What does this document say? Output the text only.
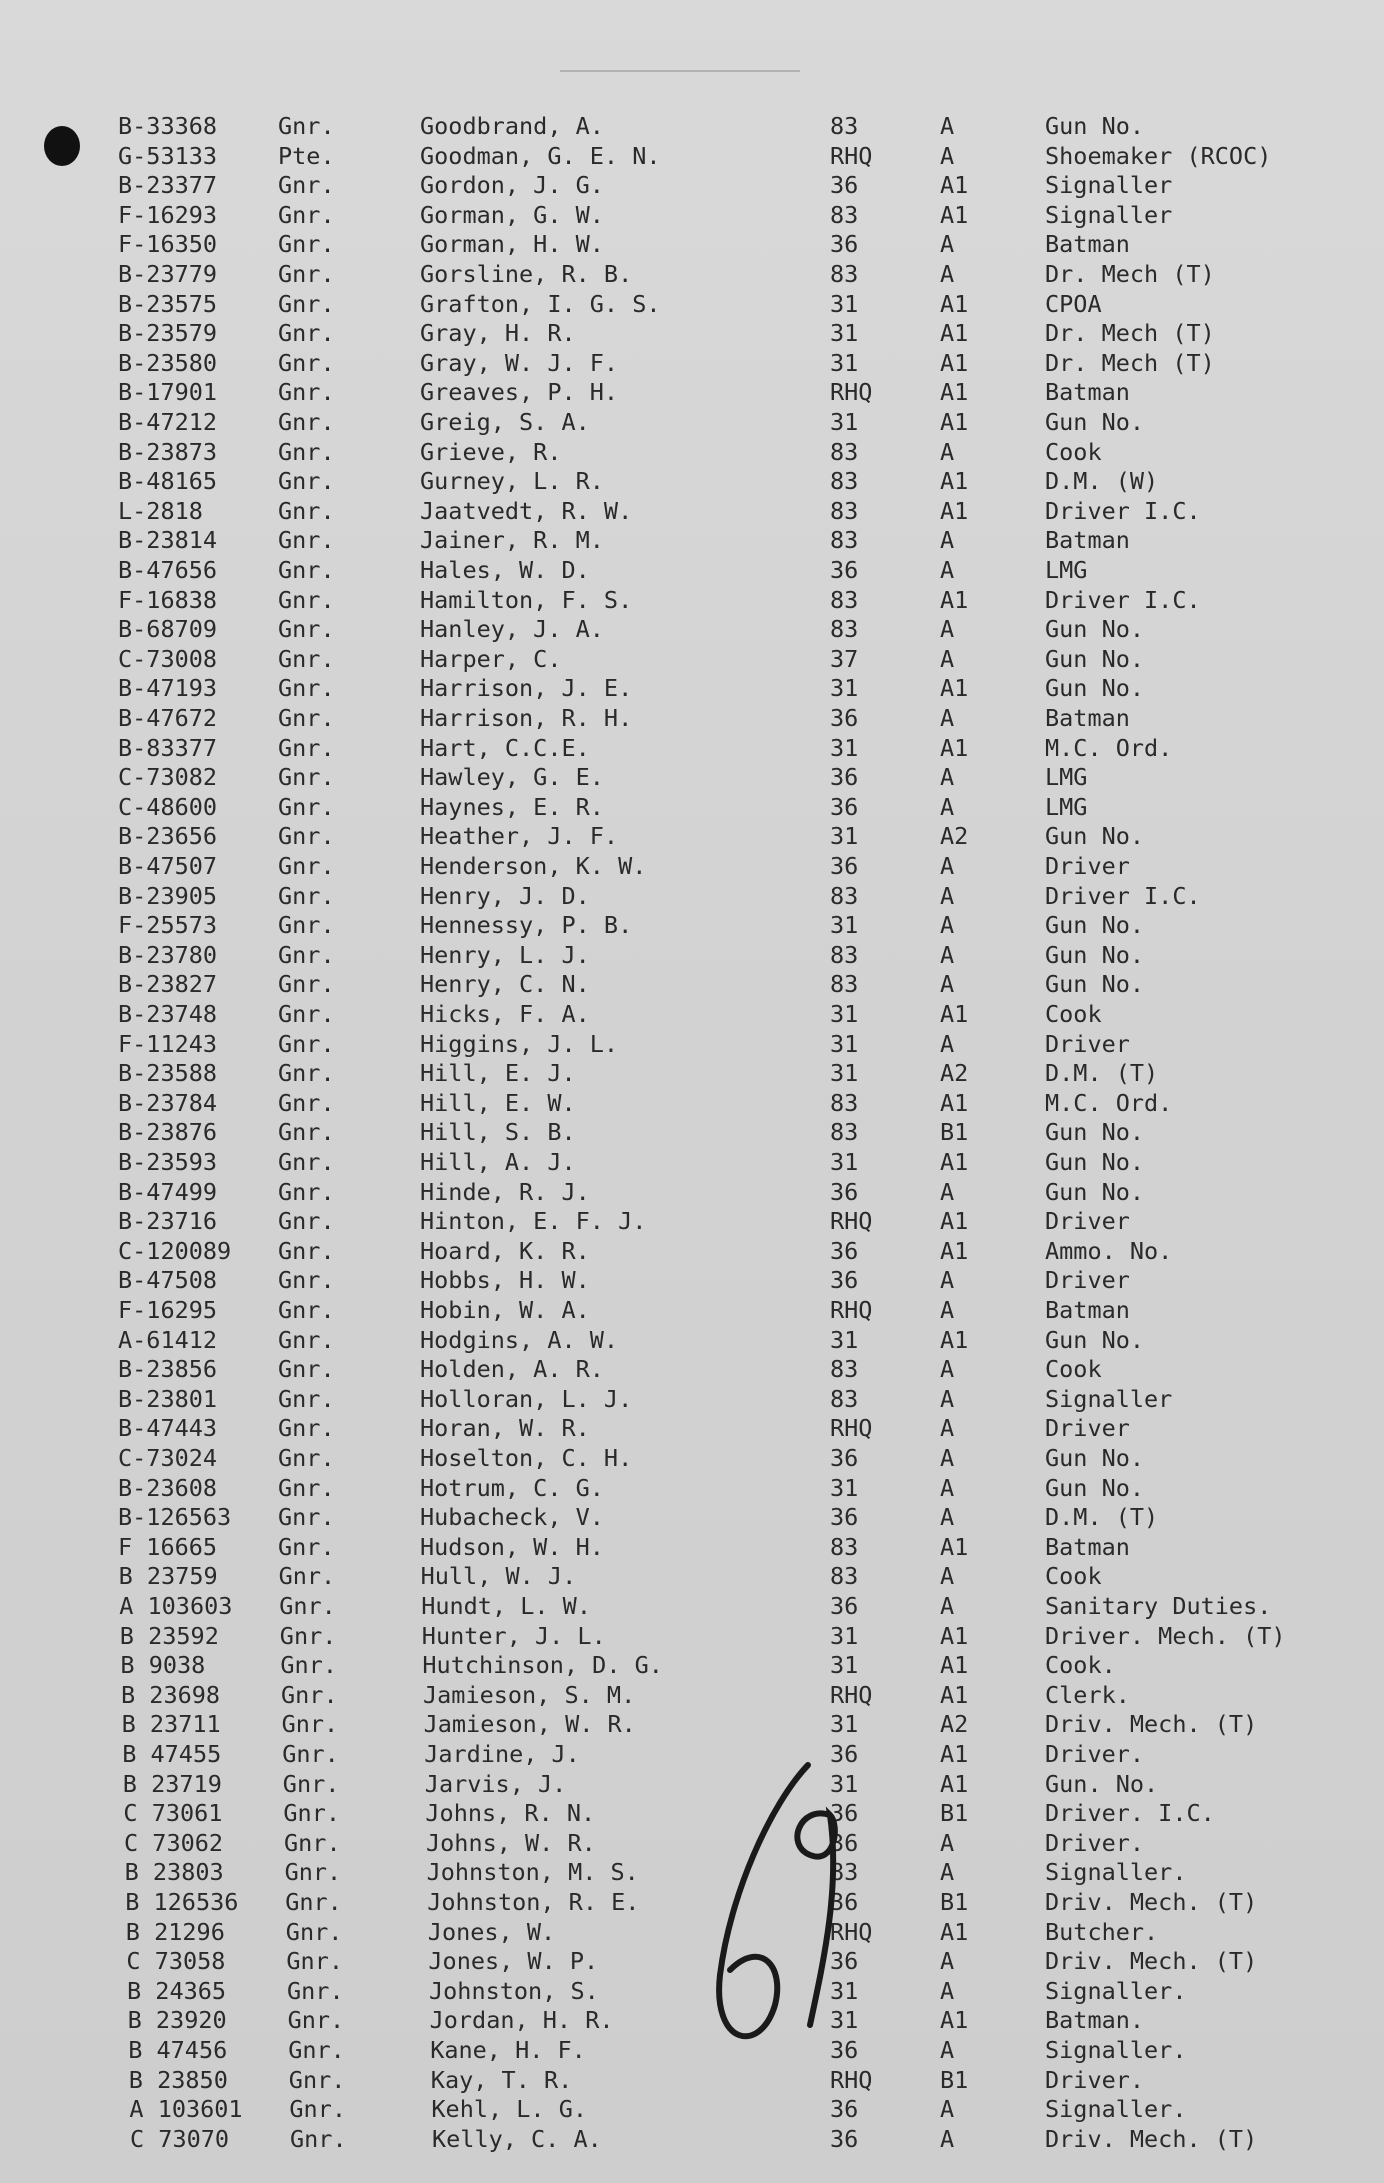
B-33368	Gnr.	Goodbrand, A.	83	A	Gun No.
G-53133	Pte.	Goodman, G. E. N.	RHQ	A	Shoemaker (RCOC)
B-23377	Gnr.	Gordon, J. G.	36	A1	Signaller
F-16293	Gnr.	Gorman, G. W.	83	A1	Signaller
F-16350	Gnr.	Gorman, H. W.	36	A	Batman
B-23779	Gnr.	Gorsline, R. B.	83	A	Dr. Mech (T)
B-23575	Gnr.	Grafton, I. G. S.	31	A1	CPOA
B-23579	Gnr.	Gray, H. R.	31	A1	Dr. Mech (T)
B-23580	Gnr.	Gray, W. J. F.	31	A1	Dr. Mech (T)
B-17901	Gnr.	Greaves, P. H.	RHQ	A1	Batman
B-47212	Gnr.	Greig, S. A.	31	A1	Gun No.
B-23873	Gnr.	Grieve, R.	83	A	Cook
B-48165	Gnr.	Gurney, L. R.	83	A1	D.M. (W)
L-2818	Gnr.	Jaatvedt, R. W.	83	A1	Driver I.C.
B-23814	Gnr.	Jainer, R. M.	83	A	Batman
B-47656	Gnr.	Hales, W. D.	36	A	LMG
F-16838	Gnr.	Hamilton, F. S.	83	A1	Driver I.C.
B-68709	Gnr.	Hanley, J. A.	83	A	Gun No.
C-73008	Gnr.	Harper, C.	37	A	Gun No.
B-47193	Gnr.	Harrison, J. E.	31	A1	Gun No.
B-47672	Gnr.	Harrison, R. H.	36	A	Batman
B-83377	Gnr.	Hart, C.C.E.	31	A1	M.C. Ord.
C-73082	Gnr.	Hawley, G. E.	36	A	LMG
C-48600	Gnr.	Haynes, E. R.	36	A	LMG
B-23656	Gnr.	Heather, J. F.	31	A2	Gun No.
B-47507	Gnr.	Henderson, K. W.	36	A	Driver
B-23905	Gnr.	Henry, J. D.	83	A	Driver I.C.
F-25573	Gnr.	Hennessy, P. B.	31	A	Gun No.
B-23780	Gnr.	Henry, L. J.	83	A	Gun No.
B-23827	Gnr.	Henry, C. N.	83	A	Gun No.
B-23748	Gnr.	Hicks, F. A.	31	A1	Cook
F-11243	Gnr.	Higgins, J. L.	31	A	Driver
B-23588	Gnr.	Hill, E. J.	31	A2	D.M. (T)
B-23784	Gnr.	Hill, E. W.	83	A1	M.C. Ord.
B-23876	Gnr.	Hill, S. B.	83	B1	Gun No.
B-23593	Gnr.	Hill, A. J.	31	A1	Gun No.
B-47499	Gnr.	Hinde, R. J.	36	A	Gun No.
B-23716	Gnr.	Hinton, E. F. J.	RHQ	A1	Driver
C-120089 Gnr.	Hoard, K. R.	36	A1	Ammo. No.
B-47508	Gnr.	Hobbs, H. W.	36	A	Driver
F-16295	Gnr.	Hobin, W. A.	RHQ	A	Batman
A-61412	Gnr.	Hodgins, A. W.	31	A1	Gun No.
B-23856	Gnr.	Holden, A. R.	83	A	Cook
B-23801	Gnr.	Holloran, L. J.	83	A	Signaller
B-47443	Gnr.	Horan, W. R.	RHQ	A	Driver
C-73024	Gnr.	Hoselton, C. H.	36	A	Gun No.
B-23608	Gnr.	Hotrum, C. G.	31	A	Gun No.
B-126563 Gnr.	Hubacheck, V.	36	A	D.M. (T)
F 16665	Gnr.	Hudson, W. H.	83	A1	Batman
B 23759	Gnr.	Hull, W. J.	83	A	Cook
A 103603 Gnr.	Hundt, L. W.	36	A	Sanitary Duties.
B 23592	Gnr.	Hunter, J. L.	31	A1	Driver. Mech. (T)
B 9038	Gnr.	Hutchinson, D. G.	31	A1	Cook.
B 23698	Gnr.	Jamieson, S. M.	RHQ	A1	Clerk.
B 23711	Gnr.	Jamieson, W. R.	31	A2	Driv. Mech. (T)
B 47455	Gnr.	Jardine, J.	36	A1	Driver.
B 23719	Gnr.	Jarvis, J.	31	A1	Gun. No.
C 73061	Gnr.	Johns, R. N.	36	B1	Driver. I.C.
C 73062	Gnr.	Johns, W. R.	36	A	Driver.
B 23803	Gnr.	Johnston, M. S.	83	A	Signaller.
B 126536 Gnr.	Johnston, R. E.	36	B1	Driv. Mech. (T)
B 21296	Gnr.	Jones, W.	RHQ	A1	Butcher.
C 73058	Gnr.	Jones, W. P.	36	A	Driv. Mech. (T)
B 24365	Gnr.	Johnston, S.	31	A	Signaller.
B 23920	Gnr.	Jordan, H. R.	31	A1	Batman.
B 47456	Gnr.	Kane, H. F.	36	A	Signaller.
B 23850	Gnr.	Kay, T. R.	RHQ	B1	Driver.
A 103601 Gnr.	Kehl, L. G.	36	A	Signaller.
C 73070	Gnr.	Kelly, C. A.	36	A	Driv. Mech. (T)
